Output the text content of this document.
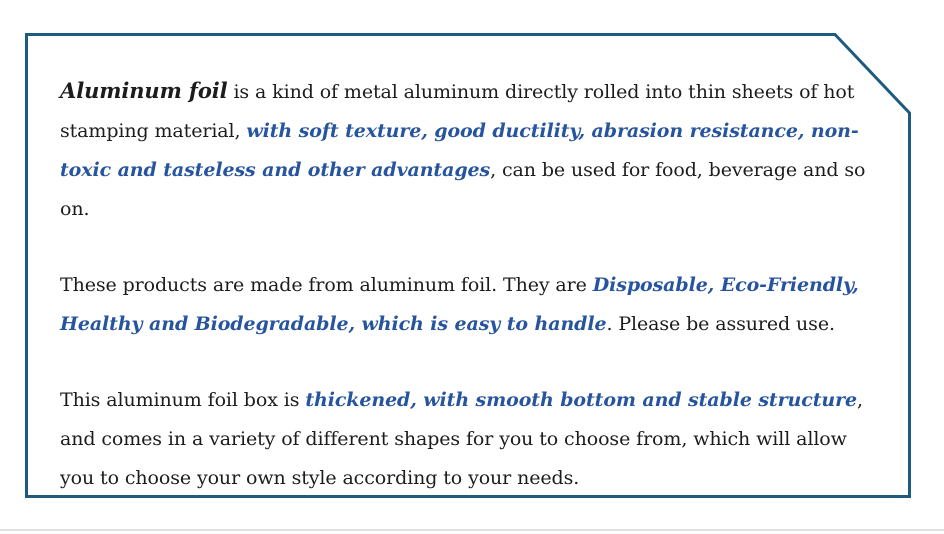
Aluminum foil is a kind of metal aluminum directly rolled into thin sheets of hot stamping material, with soft texture, good ductility, abrasion resistance, non-toxic and tasteless and other advantages, can be used for food, beverage and so on.

These products are made from aluminum foil. They are Disposable, Eco-Friendly, Healthy and Biodegradable, which is easy to handle. Please be assured use.

This aluminum foil box is thickened, with smooth bottom and stable structure, and comes in a variety of different shapes for you to choose from, which will allow you to choose your own style according to your needs.
